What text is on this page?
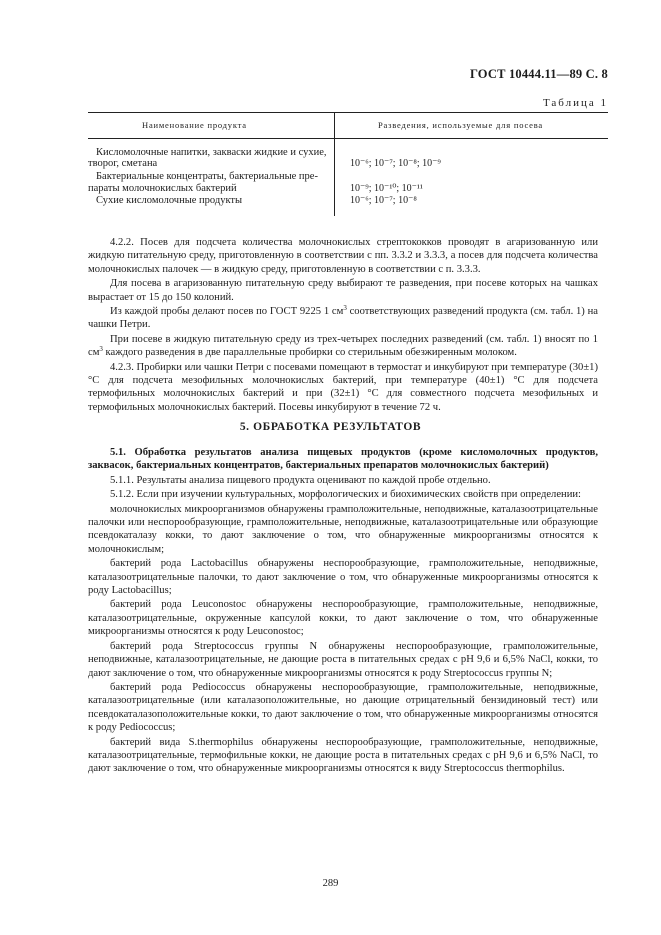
ГОСТ 10444.11—89 С. 8
Таблица 1
Наименование продукта	Разведения, используемые для посева
Кисломолочные напитки, закваски жидкие и сухие,
творог, сметана	10⁻⁶; 10⁻⁷; 10⁻⁸; 10⁻⁹
Бактериальные концентраты, бактериальные пре-
параты молочнокислых бактерий	10⁻⁹; 10⁻¹⁰; 10⁻¹¹
Сухие кисломолочные продукты	10⁻⁶; 10⁻⁷; 10⁻⁸

4.2.2. Посев для подсчета количества молочнокислых стрептококков проводят в агаризованную или жидкую питательную среду, приготовленную в соответствии с пп. 3.3.2 и 3.3.3, а посев для подсчета количества молочнокислых палочек — в жидкую среду, приготовленную в соответствии с п. 3.3.3.

Для посева в агаризованную питательную среду выбирают те разведения, при посеве которых на чашках вырастает от 15 до 150 колоний.

Из каждой пробы делают посев по ГОСТ 9225 1 $см^3$ соответствующих разведений продукта (см. табл. 1) на чашки Петри.

При посеве в жидкую питательную среду из трех-четырех последних разведений (см. табл. 1) вносят по 1 $см^3$ каждого разведения в две параллельные пробирки со стерильным обезжиренным молоком.

4.2.3. Пробирки или чашки Петри с посевами помещают в термостат и инкубируют при температуре (30±1) °С для подсчета мезофильных молочнокислых бактерий, при температуре (40±1) °С для подсчета термофильных молочнокислых бактерий и при (32±1) °С для совместного подсчета мезофильных и термофильных молочнокислых бактерий. Посевы инкубируют в течение 72 ч.

5. ОБРАБОТКА РЕЗУЛЬТАТОВ

5.1. Обработка результатов анализа пищевых продуктов (кроме кисломолочных продуктов, заквасок, бактериальных концентратов, бактериальных препаратов молочнокислых бактерий)

5.1.1. Результаты анализа пищевого продукта оценивают по каждой пробе отдельно.

5.1.2. Если при изучении культуральных, морфологических и биохимических свойств при определении:

молочнокислых микроорганизмов обнаружены грамположительные, неподвижные, каталазоотрицательные палочки или неспорообразующие, грамположительные, неподвижные, каталазоотрицательные или образующие псевдокаталазу кокки, то дают заключение о том, что обнаруженные микроорганизмы относятся к молочнокислым;

бактерий рода Lactobacillus обнаружены неспорообразующие, грамположительные, неподвижные, каталазоотрицательные палочки, то дают заключение о том, что обнаруженные микроорганизмы относятся к роду Lactobacillus;

бактерий рода Leuconostoc обнаружены неспорообразующие, грамположительные, неподвижные, каталазоотрицательные, окруженные капсулой кокки, то дают заключение о том, что обнаруженные микроорганизмы относятся к роду Leuconostoc;

бактерий рода Streptococcus группы N обнаружены неспорообразующие, грамположительные, неподвижные, каталазоотрицательные, не дающие роста в питательных средах с pH 9,6 и 6,5% NaCl, кокки, то дают заключение о том, что обнаруженные микроорганизмы относятся к роду Streptococcus группы N;

бактерий рода Pediococcus обнаружены неспорообразующие, грамположительные, неподвижные, каталазоотрицательные (или каталазоположительные, но дающие отрицательный бензидиновый тест) или псевдокаталазоположительные кокки, то дают заключение о том, что обнаруженные микроорганизмы относятся к роду Pediococcus;

бактерий вида S.thermophilus обнаружены неспорообразующие, грамположительные, неподвижные, каталазоотрицательные, термофильные кокки, не дающие роста в питательных средах с pH 9,6 и 6,5% NaCl, то дают заключение о том, что обнаруженные микроорганизмы относятся к виду Streptococcus thermophilus.

289
